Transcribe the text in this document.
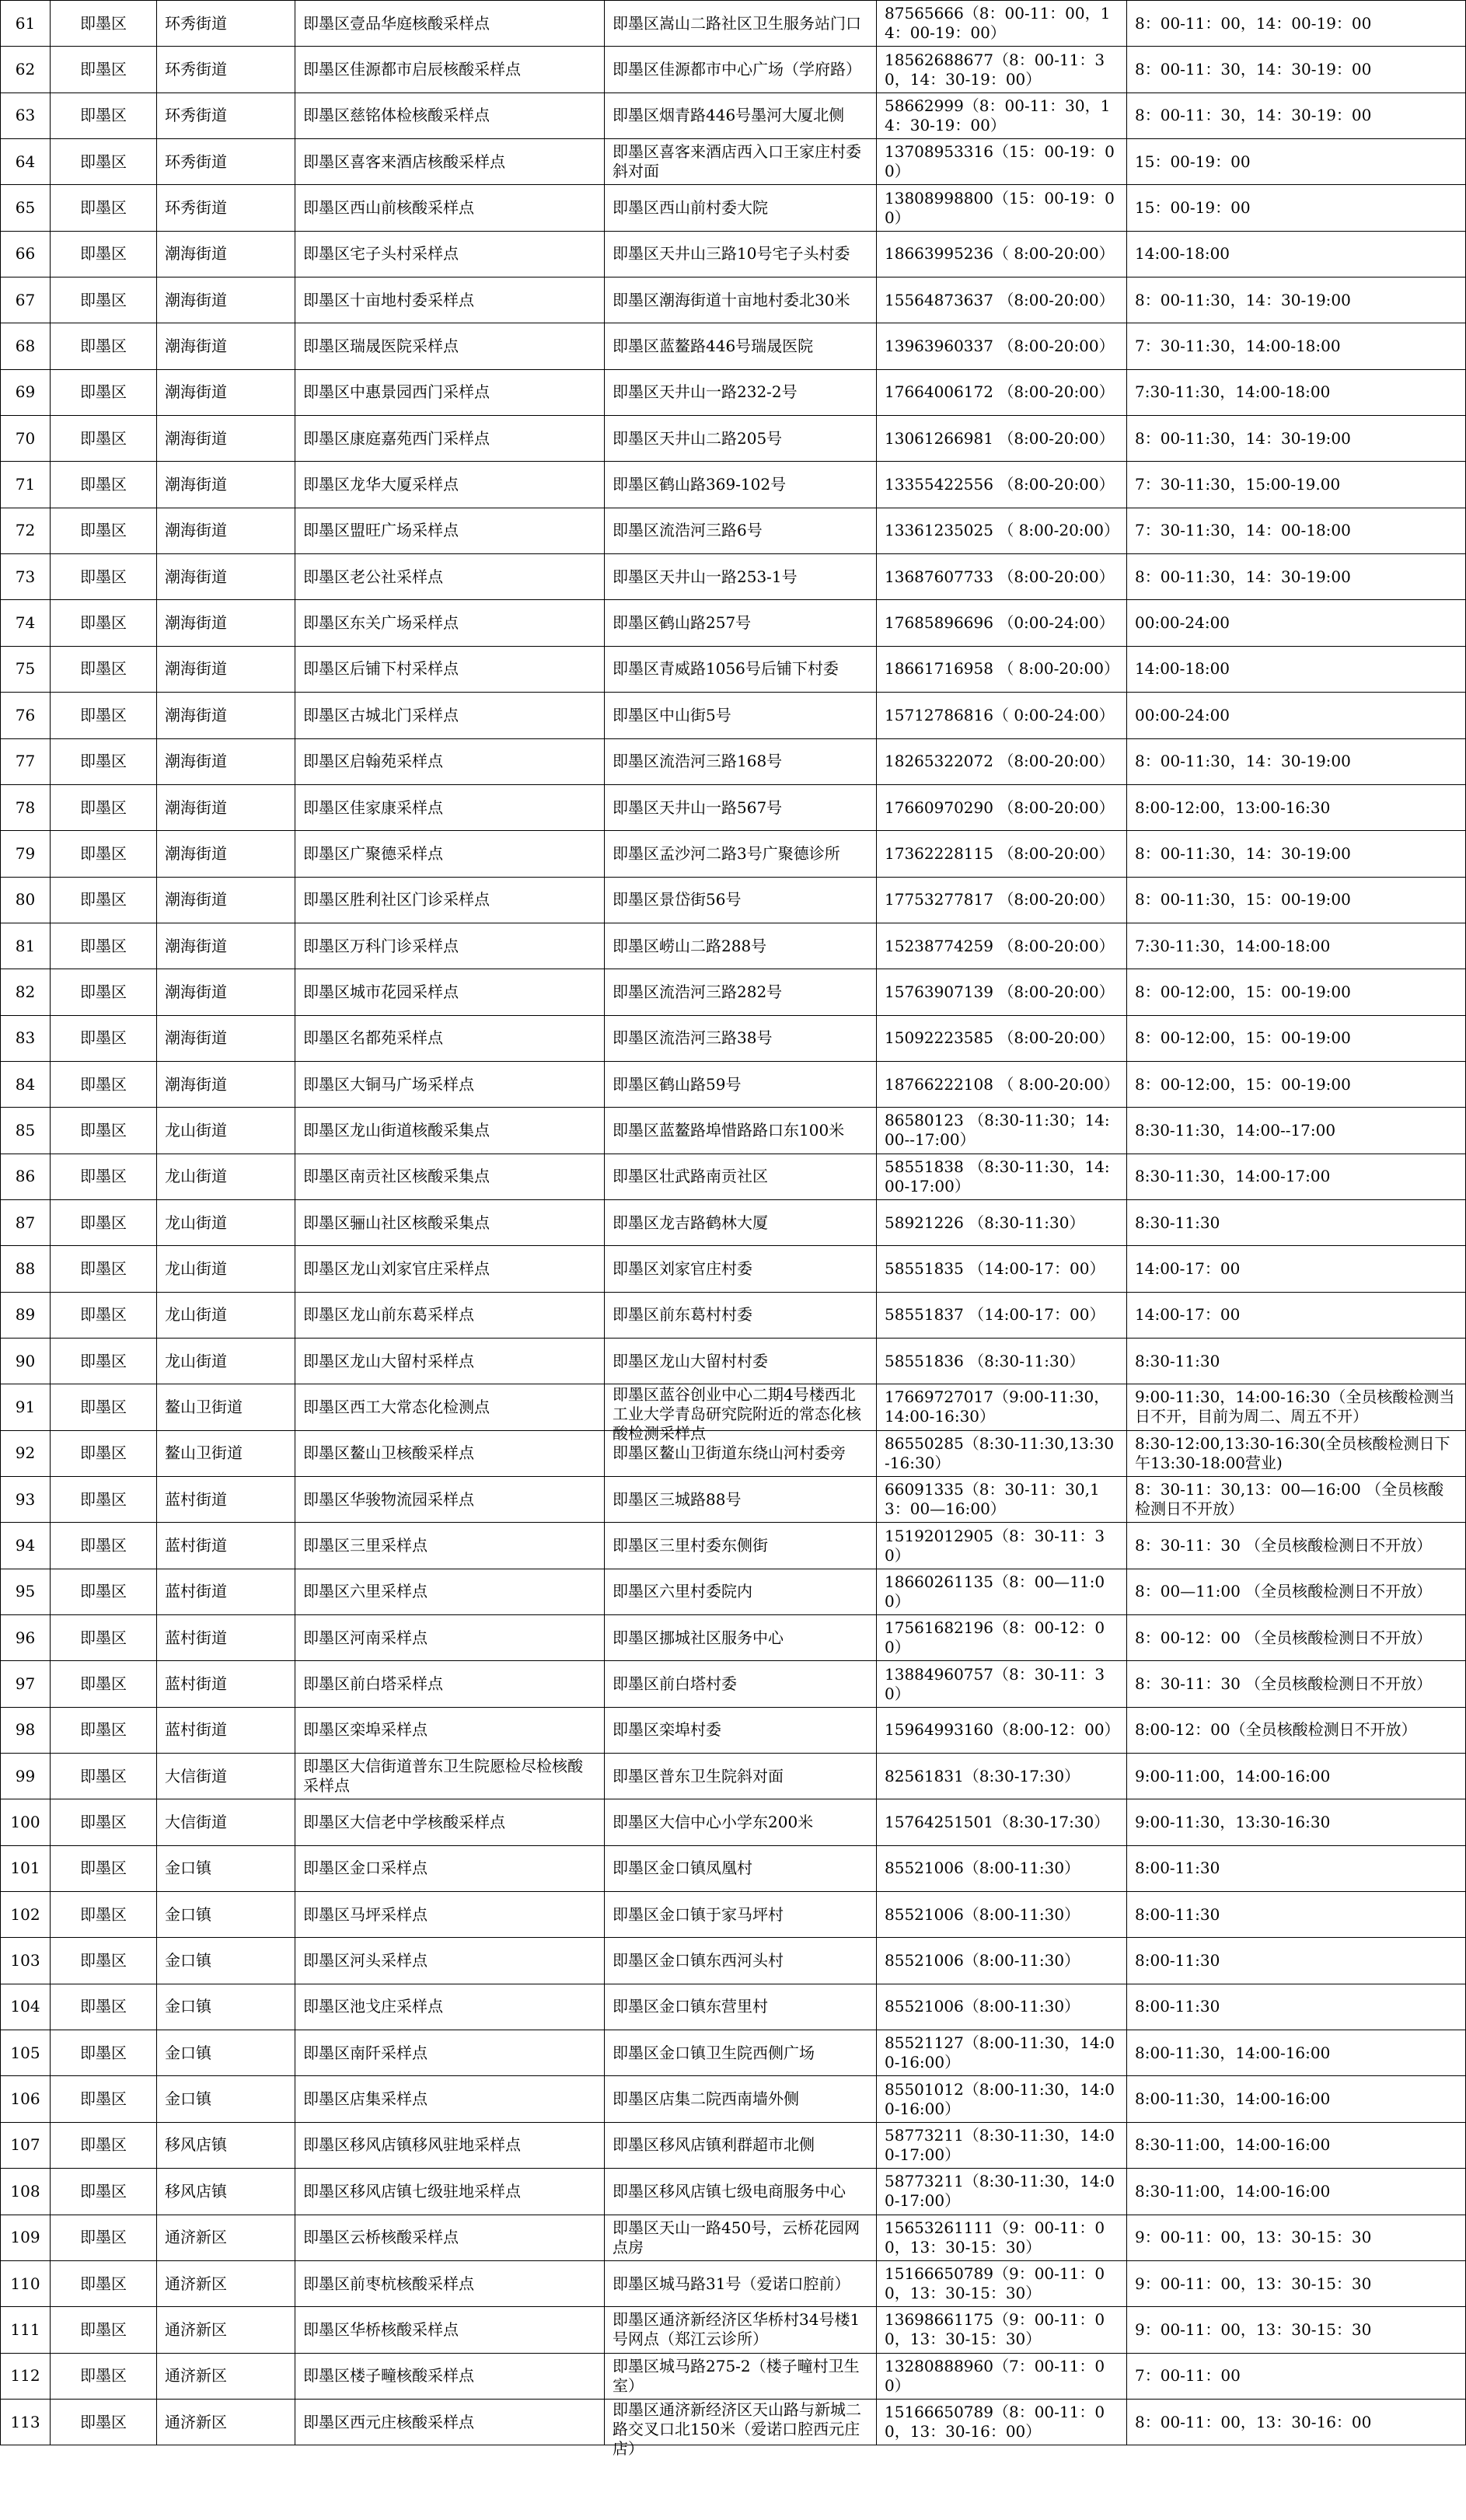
61	即墨区	环秀街道	即墨区壹品华庭核酸采样点	即墨区嵩山二路社区卫生服务站门口	87565666（8：00-11：00，14：00-19：00）	8：00-11：00，14：00-19：00

62	即墨区	环秀街道	即墨区佳源都市启辰核酸采样点	即墨区佳源都市中心广场（学府路）	18562688677（8：00-11：30，14：30-19：00）	8：00-11：30，14：30-19：00

63	即墨区	环秀街道	即墨区慈铭体检核酸采样点	即墨区烟青路446号墨河大厦北侧	58662999（8：00-11：30，14：30-19：00）	8：00-11：30，14：30-19：00

64	即墨区	环秀街道	即墨区喜客来酒店核酸采样点	即墨区喜客来酒店西入口王家庄村委斜对面	13708953316（15：00-19：00）	15：00-19：00

65	即墨区	环秀街道	即墨区西山前核酸采样点	即墨区西山前村委大院	13808998800（15：00-19：00）	15：00-19：00

66	即墨区	潮海街道	即墨区宅子头村采样点	即墨区天井山三路10号宅子头村委	18663995236（ 8:00-20:00）	14:00-18:00

67	即墨区	潮海街道	即墨区十亩地村委采样点	即墨区潮海街道十亩地村委北30米	15564873637 （8:00-20:00）	8：00-11:30，14：30-19:00

68	即墨区	潮海街道	即墨区瑞晟医院采样点	即墨区蓝鳌路446号瑞晟医院	13963960337 （8:00-20:00）	7：30-11:30，14:00-18:00

69	即墨区	潮海街道	即墨区中惠景园西门采样点	即墨区天井山一路232-2号	17664006172 （8:00-20:00）	7:30-11:30，14:00-18:00

70	即墨区	潮海街道	即墨区康庭嘉苑西门采样点	即墨区天井山二路205号	13061266981 （8:00-20:00）	8：00-11:30，14：30-19:00

71	即墨区	潮海街道	即墨区龙华大厦采样点	即墨区鹤山路369-102号	13355422556 （8:00-20:00）	7：30-11:30，15:00-19.00

72	即墨区	潮海街道	即墨区盟旺广场采样点	即墨区流浩河三路6号	13361235025 （ 8:00-20:00）	7：30-11:30，14：00-18:00

73	即墨区	潮海街道	即墨区老公社采样点	即墨区天井山一路253-1号	13687607733 （8:00-20:00）	8：00-11:30，14：30-19:00

74	即墨区	潮海街道	即墨区东关广场采样点	即墨区鹤山路257号	17685896696 （0:00-24:00）	00:00-24:00

75	即墨区	潮海街道	即墨区后铺下村采样点	即墨区青威路1056号后铺下村委	18661716958 （ 8:00-20:00）	14:00-18:00

76	即墨区	潮海街道	即墨区古城北门采样点	即墨区中山街5号	15712786816（ 0:00-24:00）	00:00-24:00

77	即墨区	潮海街道	即墨区启翰苑采样点	即墨区流浩河三路168号	18265322072 （8:00-20:00）	8：00-11:30，14：30-19:00

78	即墨区	潮海街道	即墨区佳家康采样点	即墨区天井山一路567号	17660970290 （8:00-20:00）	8:00-12:00，13:00-16:30

79	即墨区	潮海街道	即墨区广聚德采样点	即墨区孟沙河二路3号广聚德诊所	17362228115 （8:00-20:00）	8：00-11:30，14：30-19:00

80	即墨区	潮海街道	即墨区胜利社区门诊采样点	即墨区景岱街56号	17753277817 （8:00-20:00）	8：00-11:30，15：00-19:00

81	即墨区	潮海街道	即墨区万科门诊采样点	即墨区崂山二路288号	15238774259 （8:00-20:00）	7:30-11:30，14:00-18:00

82	即墨区	潮海街道	即墨区城市花园采样点	即墨区流浩河三路282号	15763907139 （8:00-20:00）	8：00-12:00，15：00-19:00

83	即墨区	潮海街道	即墨区名都苑采样点	即墨区流浩河三路38号	15092223585 （8:00-20:00）	8：00-12:00，15：00-19:00

84	即墨区	潮海街道	即墨区大铜马广场采样点	即墨区鹤山路59号	18766222108 （ 8:00-20:00）	8：00-12:00，15：00-19:00

85	即墨区	龙山街道	即墨区龙山街道核酸采集点	即墨区蓝鳌路埠惜路路口东100米	86580123 （8:30-11:30；14:00--17:00）	8:30-11:30，14:00--17:00

86	即墨区	龙山街道	即墨区南贡社区核酸采集点	即墨区壮武路南贡社区	58551838 （8:30-11:30，14:00-17:00）	8:30-11:30，14:00-17:00

87	即墨区	龙山街道	即墨区骊山社区核酸采集点	即墨区龙吉路鹤林大厦	58921226 （8:30-11:30）	8:30-11:30

88	即墨区	龙山街道	即墨区龙山刘家官庄采样点	即墨区刘家官庄村委	58551835 （14:00-17：00）	14:00-17：00

89	即墨区	龙山街道	即墨区龙山前东葛采样点	即墨区前东葛村村委	58551837 （14:00-17：00）	14:00-17：00

90	即墨区	龙山街道	即墨区龙山大留村采样点	即墨区龙山大留村村委	58551836 （8:30-11:30）	8:30-11:30

91	即墨区	鳌山卫街道	即墨区西工大常态化检测点	即墨区蓝谷创业中心二期4号楼西北工业大学青岛研究院附近的常态化核酸检测采样点	17669727017（9:00-11:30，14:00-16:30）	9:00-11:30，14:00-16:30（全员核酸检测当日不开，目前为周二、周五不开）

92	即墨区	鳌山卫街道	即墨区鳌山卫核酸采样点	即墨区鳌山卫街道东绕山河村委旁	86550285（8:30-11:30,13:30-16:30）	8:30-12:00,13:30-16:30(全员核酸检测日下午13:30-18:00营业)

93	即墨区	蓝村街道	即墨区华骏物流园采样点	即墨区三城路88号	66091335（8：30-11：30,13：00—16:00）	8：30-11：30,13：00—16:00 （全员核酸检测日不开放）

94	即墨区	蓝村街道	即墨区三里采样点	即墨区三里村委东侧街	15192012905（8：30-11：30）	8：30-11：30 （全员核酸检测日不开放）

95	即墨区	蓝村街道	即墨区六里采样点	即墨区六里村委院内	18660261135（8：00—11:00）	8：00—11:00 （全员核酸检测日不开放）

96	即墨区	蓝村街道	即墨区河南采样点	即墨区挪城社区服务中心	17561682196（8：00-12：00）	8：00-12：00 （全员核酸检测日不开放）

97	即墨区	蓝村街道	即墨区前白塔采样点	即墨区前白塔村委	13884960757（8：30-11：30）	8：30-11：30 （全员核酸检测日不开放）

98	即墨区	蓝村街道	即墨区栾埠采样点	即墨区栾埠村委	15964993160（8:00-12：00）	8:00-12：00（全员核酸检测日不开放）

99	即墨区	大信街道	即墨区大信街道普东卫生院愿检尽检核酸采样点	即墨区普东卫生院斜对面	82561831（8:30-17:30）	9:00-11:00，14:00-16:00

100	即墨区	大信街道	即墨区大信老中学核酸采样点	即墨区大信中心小学东200米	15764251501（8:30-17:30）	9:00-11:30，13:30-16:30

101	即墨区	金口镇	即墨区金口采样点	即墨区金口镇凤凰村	85521006（8:00-11:30）	8:00-11:30

102	即墨区	金口镇	即墨区马坪采样点	即墨区金口镇于家马坪村	85521006（8:00-11:30）	8:00-11:30

103	即墨区	金口镇	即墨区河头采样点	即墨区金口镇东西河头村	85521006（8:00-11:30）	8:00-11:30

104	即墨区	金口镇	即墨区池戈庄采样点	即墨区金口镇东营里村	85521006（8:00-11:30）	8:00-11:30

105	即墨区	金口镇	即墨区南阡采样点	即墨区金口镇卫生院西侧广场	85521127（8:00-11:30，14:00-16:00）	8:00-11:30，14:00-16:00

106	即墨区	金口镇	即墨区店集采样点	即墨区店集二院西南墙外侧	85501012（8:00-11:30，14:00-16:00）	8:00-11:30，14:00-16:00

107	即墨区	移风店镇	即墨区移风店镇移风驻地采样点	即墨区移风店镇利群超市北侧	58773211（8:30-11:30，14:00-17:00）	8:30-11:00，14:00-16:00

108	即墨区	移风店镇	即墨区移风店镇七级驻地采样点	即墨区移风店镇七级电商服务中心	58773211（8:30-11:30，14:00-17:00）	8:30-11:00，14:00-16:00

109	即墨区	通济新区	即墨区云桥核酸采样点	即墨区天山一路450号，云桥花园网点房	15653261111（9：00-11：00，13：30-15：30）	9：00-11：00，13：30-15：30

110	即墨区	通济新区	即墨区前枣杭核酸采样点	即墨区城马路31号（爱诺口腔前）	15166650789（9：00-11：00，13：30-15：30）	9：00-11：00，13：30-15：30

111	即墨区	通济新区	即墨区华桥核酸采样点	即墨区通济新经济区华桥村34号楼1号网点（郑江云诊所）	13698661175（9：00-11：00，13：30-15：30）	9：00-11：00，13：30-15：30

112	即墨区	通济新区	即墨区楼子疃核酸采样点	即墨区城马路275-2（楼子疃村卫生室）	13280888960（7：00-11：00）	7：00-11：00

113	即墨区	通济新区	即墨区西元庄核酸采样点	即墨区通济新经济区天山路与新城二路交叉口北150米（爱诺口腔西元庄店）	15166650789（8：00-11：00，13：30-16：00）	8：00-11：00，13：30-16：00
